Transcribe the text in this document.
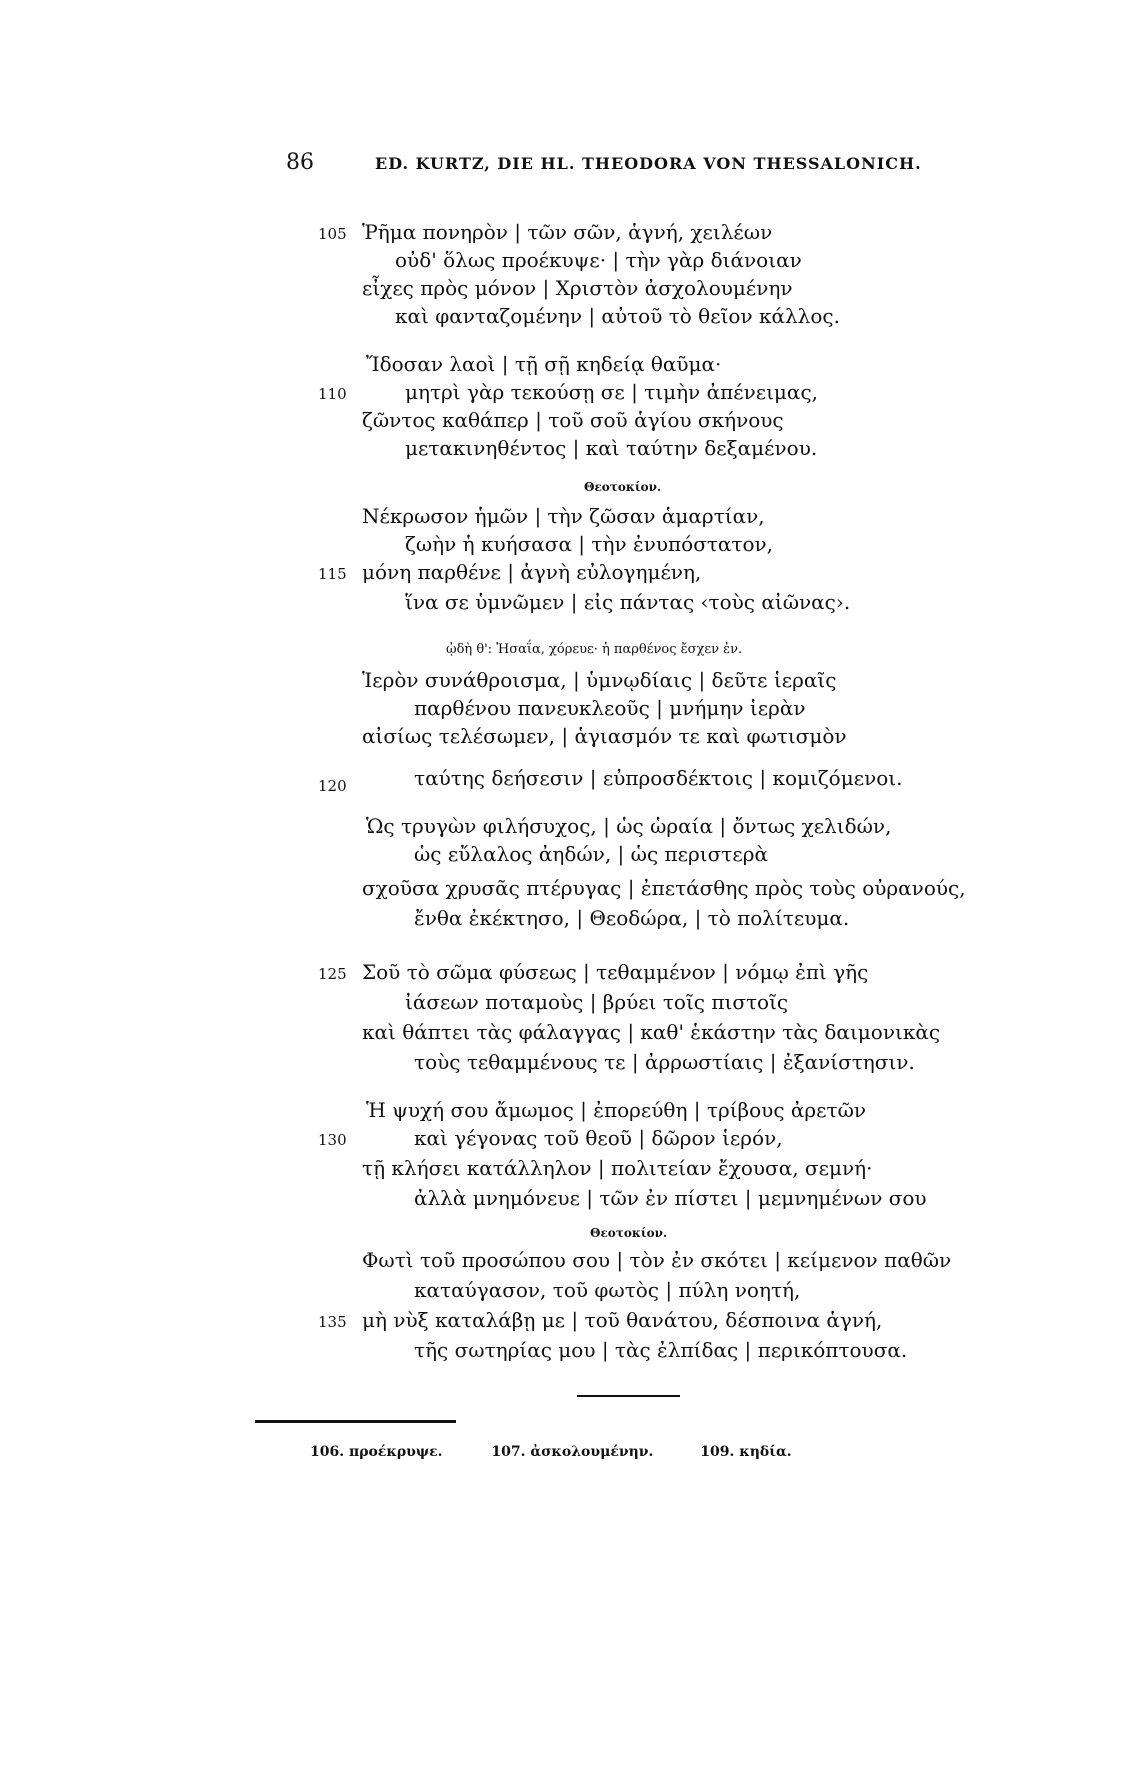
86	ED. KURTZ, DIE HL. THEODORA VON THESSALONICH.
105 Ῥῆμα πονηρὸν | τῶν σῶν, ἁγνή, χειλέων
οὐδ' ὅλως προέκυψε· | τὴν γὰρ διάνοιαν
εἶχες πρὸς μόνον | Χριστὸν ἀσχολουμένην
καὶ φανταζομένην | αὐτοῦ τὸ θεῖον κάλλος.
Ἴδοσαν λαοὶ | τῇ σῇ κηδείᾳ θαῦμα·
110	μητρὶ γὰρ τεκούσῃ σε | τιμὴν ἀπένειμας,
ζῶντος καθάπερ | τοῦ σοῦ ἁγίου σκήνους
μετακινηθέντος | καὶ ταύτην δεξαμένου.
Θεοτοκίον.
Νέκρωσον ἡμῶν | τὴν ζῶσαν ἁμαρτίαν,
ζωὴν ἡ κυήσασα | τὴν ἐνυπόστατον,
115 μόνη παρθένε | ἁγνὴ εὐλογημένη,
ἵνα σε ὑμνῶμεν | εἰς πάντας ‹τοὺς αἰῶνας›.
ᾠδὴ θ': Ἠσαΐα, χόρευε· ἡ παρθένος ἔσχεν ἐν.
Ἱερὸν συνάθροισμα, | ὑμνῳδίαις | δεῦτε ἱεραῖς
παρθένου πανευκλεοῦς | μνήμην ἱερὰν
αἰσίως τελέσωμεν, | ἁγιασμόν τε καὶ φωτισμὸν
120	ταύτης δεήσεσιν | εὐπροσδέκτοις | κομιζόμενοι.
Ὡς τρυγὼν φιλήσυχος, | ὡς ὡραία | ὄντως χελιδών,
ὡς εὔλαλος ἀηδών, | ὡς περιστερὰ
σχοῦσα χρυσᾶς πτέρυγας | ἐπετάσθης πρὸς τοὺς οὐρανούς,
ἔνθα ἐκέκτησο, | Θεοδώρα, | τὸ πολίτευμα.
125 Σοῦ τὸ σῶμα φύσεως | τεθαμμένον | νόμῳ ἐπὶ γῆς
ἰάσεων ποταμοὺς | βρύει τοῖς πιστοῖς
καὶ θάπτει τὰς φάλαγγας | καθ' ἑκάστην τὰς δαιμονικὰς
τοὺς τεθαμμένους τε | ἀρρωστίαις | ἐξανίστησιν.
Ἡ ψυχή σου ἄμωμος | ἐπορεύθη | τρίβους ἀρετῶν
130	καὶ γέγονας τοῦ θεοῦ | δῶρον ἱερόν,
τῇ κλήσει κατάλληλον | πολιτείαν ἔχουσα, σεμνή·
ἀλλὰ μνημόνευε | τῶν ἐν πίστει | μεμνημένων σου
Θεοτοκίον.
Φωτὶ τοῦ προσώπου σου | τὸν ἐν σκότει | κείμενον παθῶν
καταύγασον, τοῦ φωτὸς | πύλη νοητή,
135 μὴ νὺξ καταλάβῃ με | τοῦ θανάτου, δέσποινα ἁγνή,
τῆς σωτηρίας μου | τὰς ἐλπίδας | περικόπτουσα.
106. προέκρυψε.	107. ἀσκολουμένην.	109. κηδία.
